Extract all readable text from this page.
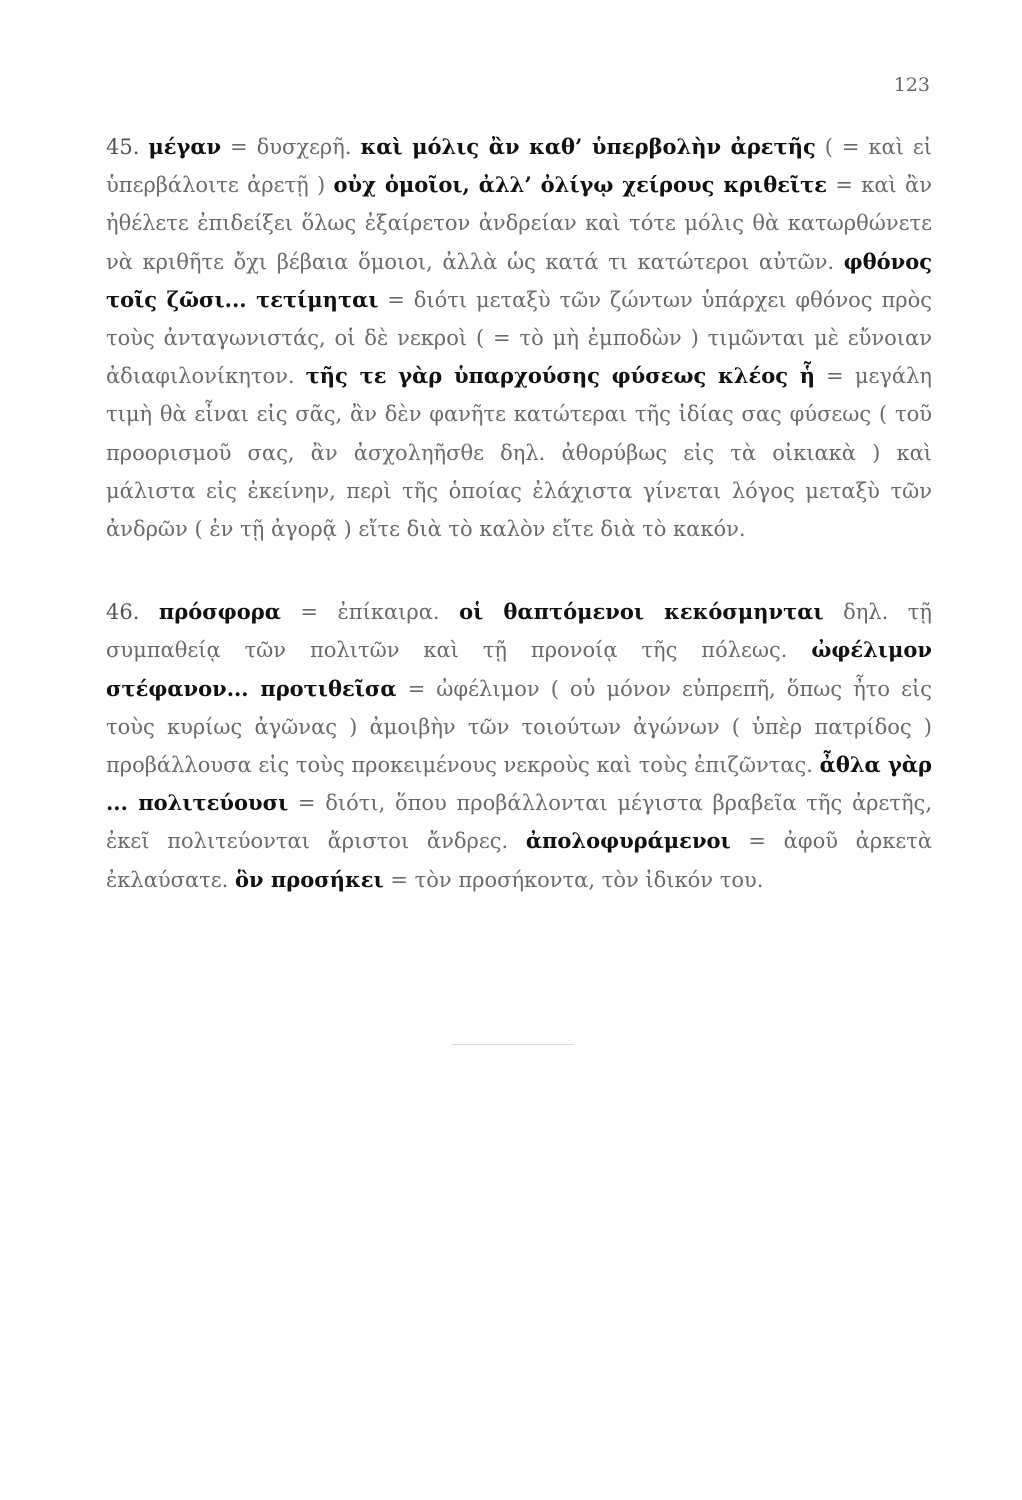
123

45. μέγαν = δυσχερῆ. καὶ μόλις ἂν καθ’ ὑπερβολὴν ἀρετῆς ( = καὶ εἰ ὑπερβάλοιτε ἀρετῇ ) οὐχ ὁμοῖοι, ἀλλ’ ὀλίγῳ χείρους κριθεῖτε = καὶ ἂν ἠθέλετε ἐπιδείξει ὅλως ἐξαίρετον ἀνδρείαν καὶ τότε μόλις θὰ κατωρθώνετε νὰ κριθῆτε ὄχι βέβαια ὅμοιοι, ἀλλὰ ὡς κατά τι κατώτεροι αὐτῶν. φθόνος τοῖς ζῶσι... τετίμηται = διότι μεταξὺ τῶν ζώντων ὑπάρχει φθόνος πρὸς τοὺς ἀνταγωνιστάς, οἱ δὲ νεκροὶ ( = τὸ μὴ ἐμποδὼν ) τιμῶνται μὲ εὔνοιαν ἀδιαφιλονίκητον. τῆς τε γὰρ ὑπαρχούσης φύσεως κλέος ἧ = μεγάλη τιμὴ θὰ εἶναι εἰς σᾶς, ἂν δὲν φανῆτε κατώτεραι τῆς ἰδίας σας φύσεως ( τοῦ προορισμοῦ σας, ἂν ἀσχοληῆσθε δηλ. ἀθορύβως εἰς τὰ οἰκιακὰ ) καὶ μάλιστα εἰς ἐκείνην, περὶ τῆς ὁποίας ἐλάχιστα γίνεται λόγος μεταξὺ τῶν ἀνδρῶν ( ἐν τῇ ἀγορᾷ ) εἴτε διὰ τὸ καλὸν εἴτε διὰ τὸ κακόν.

46. πρόσφορα = ἐπίκαιρα. οἱ θαπτόμενοι κεκόσμηνται δηλ. τῇ συμπαθείᾳ τῶν πολιτῶν καὶ τῇ προνοίᾳ τῆς πόλεως. ὠφέλιμον στέφανον... προτιθεῖσα = ὠφέλιμον ( οὐ μόνον εὐπρεπῆ, ὅπως ἦτο εἰς τοὺς κυρίως ἀγῶνας ) ἀμοιβὴν τῶν τοιούτων ἀγώνων ( ὑπὲρ πατρίδος ) προβάλλουσα εἰς τοὺς προκειμένους νεκροὺς καὶ τοὺς ἐπιζῶντας. ἆθλα γὰρ ... πολιτεύουσι = διότι, ὅπου προβάλλονται μέγιστα βραβεῖα τῆς ἀρετῆς, ἐκεῖ πολιτεύονται ἄριστοι ἄνδρες. ἀπολοφυράμενοι = ἀφοῦ ἀρκετὰ ἐκλαύσατε. ὃν προσήκει = τὸν προσήκοντα, τὸν ἰδικόν του.
